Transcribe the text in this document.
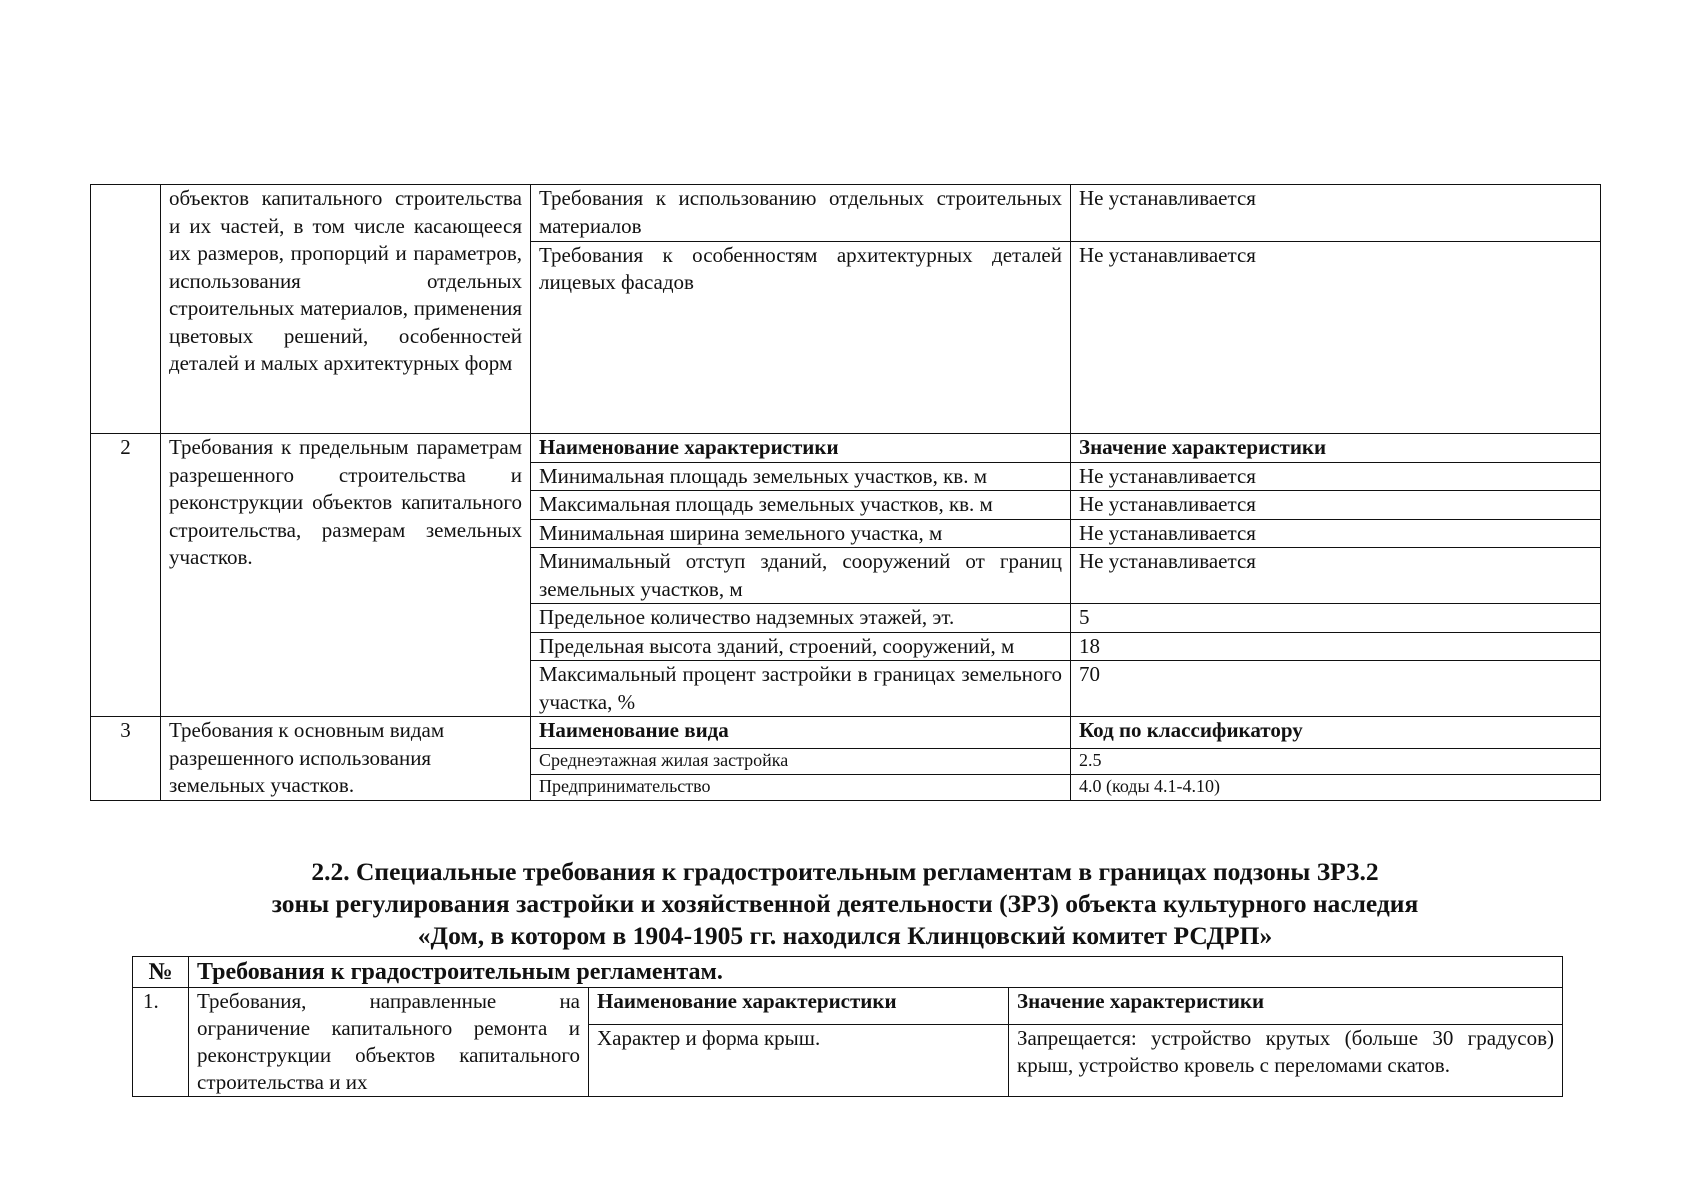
	объектов капитального строительства и их частей, в том числе касающееся их размеров, пропорций и параметров, использования отдельных строительных материалов, применения цветовых решений, особенностей деталей и малых архитектурных форм	Требования к использованию отдельных строительных материалов	Не устанавливается
		Требования к особенностям архитектурных деталей лицевых фасадов	Не устанавливается
2	Требования к предельным параметрам разрешенного строительства и реконструкции объектов капитального строительства, размерам земельных участков.	Наименование характеристики	Значение характеристики
		Минимальная площадь земельных участков, кв. м	Не устанавливается
		Максимальная площадь земельных участков, кв. м	Не устанавливается
		Минимальная ширина земельного участка, м	Не устанавливается
		Минимальный отступ зданий, сооружений от границ земельных участков, м	Не устанавливается
		Предельное количество надземных этажей, эт.	5
		Предельная высота зданий, строений, сооружений, м	18
		Максимальный процент застройки в границах земельного участка, %	70
3	Требования к основным видам разрешенного использования земельных участков.	Наименование вида	Код по классификатору
		Среднеэтажная жилая застройка	2.5
		Предпринимательство	4.0 (коды 4.1-4.10)
2.2. Специальные требования к градостроительным регламентам в границах подзоны ЗРЗ.2
зоны регулирования застройки и хозяйственной деятельности (ЗРЗ) объекта культурного наследия
«Дом, в котором в 1904-1905 гг. находился Клинцовский комитет РСДРП»
№	Требования к градостроительным регламентам.		
1.	Требования, направленные на ограничение капитального ремонта и реконструкции объектов капитального строительства и их	Наименование характеристики	Значение характеристики
		Характер и форма крыш.	Запрещается: устройство крутых (больше 30 градусов) крыш, устройство кровель с переломами скатов.
